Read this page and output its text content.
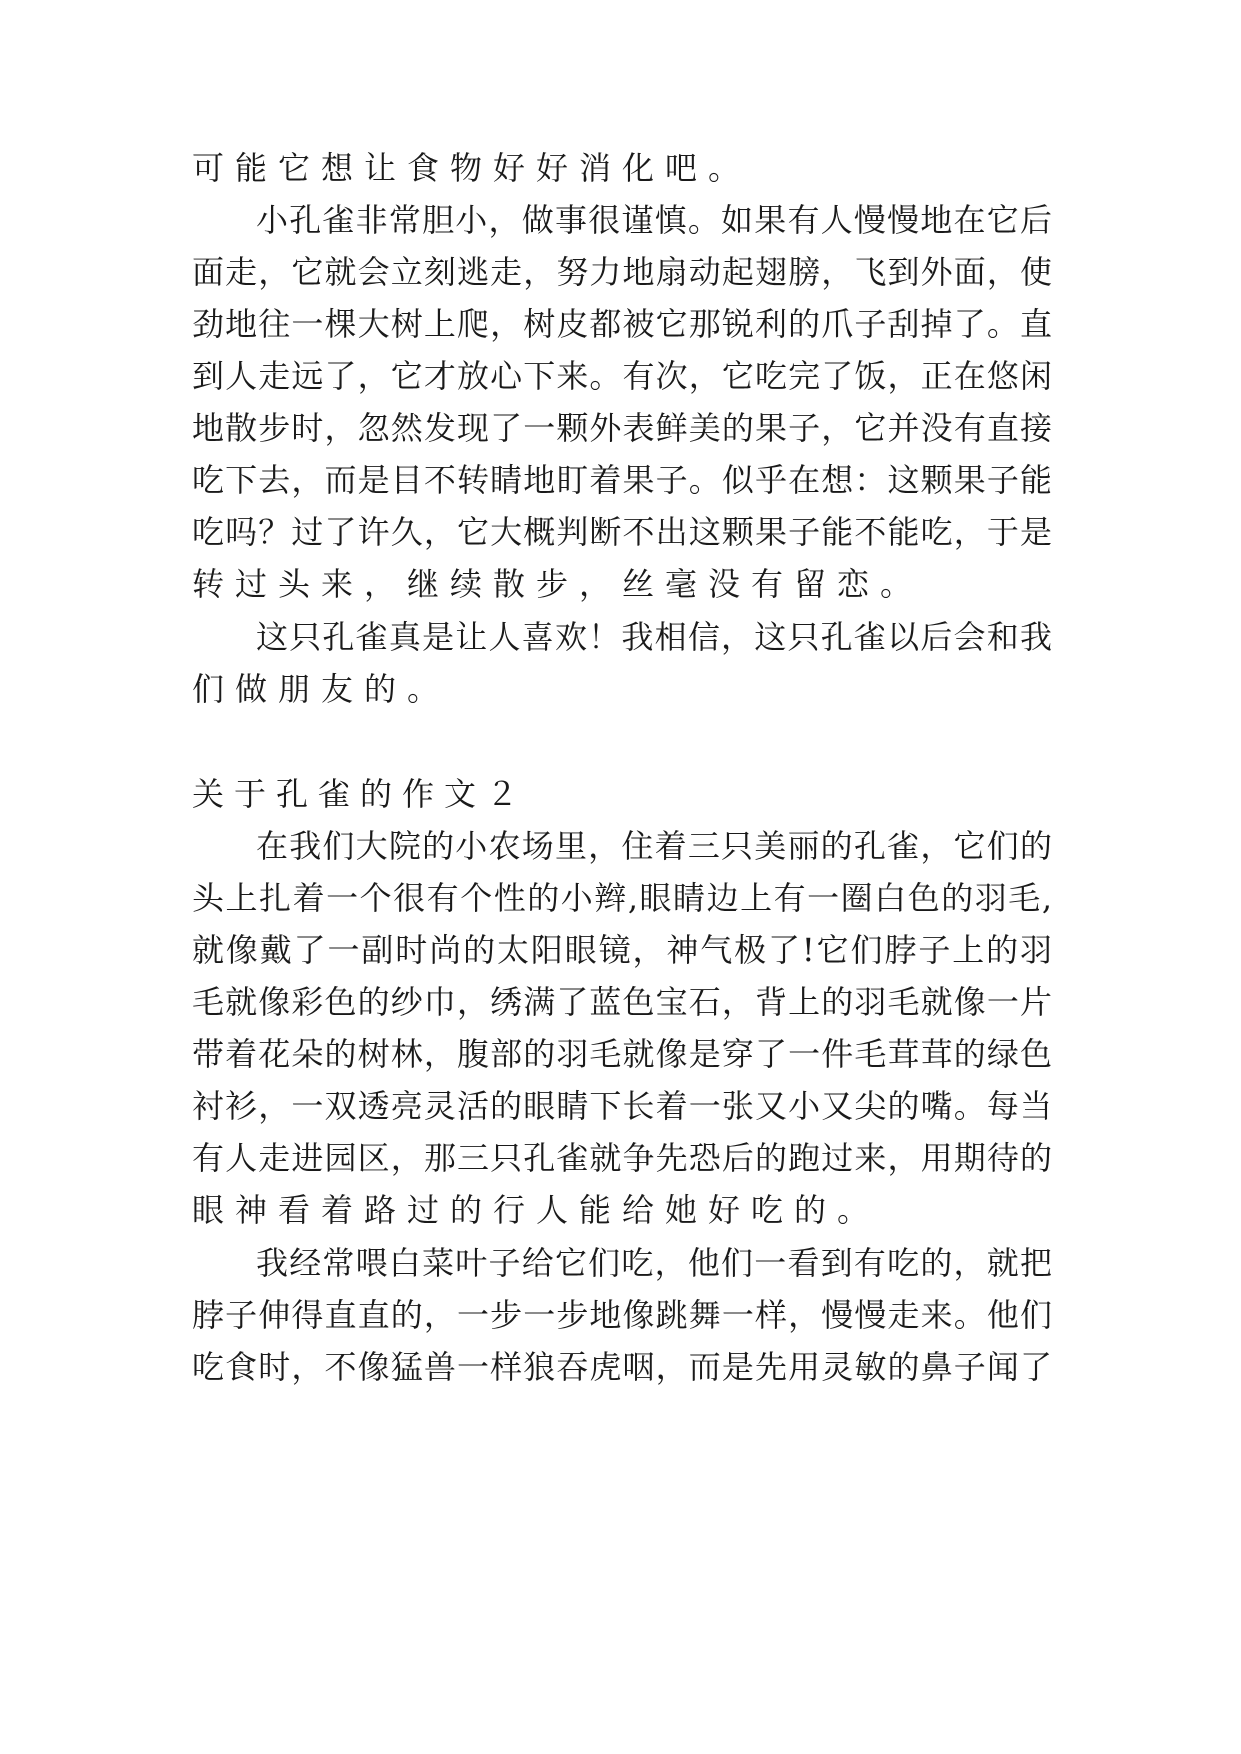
可能它想让食物好好消化吧。
小孔雀非常胆小，做事很谨慎。如果有人慢慢地在它后
面走，它就会立刻逃走，努力地扇动起翅膀，飞到外面，使
劲地往一棵大树上爬，树皮都被它那锐利的爪子刮掉了。直
到人走远了，它才放心下来。有次，它吃完了饭，正在悠闲
地散步时，忽然发现了一颗外表鲜美的果子，它并没有直接
吃下去，而是目不转睛地盯着果子。似乎在想：这颗果子能
吃吗？过了许久，它大概判断不出这颗果子能不能吃，于是
转过头来，继续散步，丝毫没有留恋。
这只孔雀真是让人喜欢！我相信，这只孔雀以后会和我
们做朋友的。
关于孔雀的作文２
在我们大院的小农场里，住着三只美丽的孔雀，它们的
头上扎着一个很有个性的小辫,眼睛边上有一圈白色的羽毛,
就像戴了一副时尚的太阳眼镜，神气极了!它们脖子上的羽
毛就像彩色的纱巾，绣满了蓝色宝石，背上的羽毛就像一片
带着花朵的树林，腹部的羽毛就像是穿了一件毛茸茸的绿色
衬衫，一双透亮灵活的眼睛下长着一张又小又尖的嘴。每当
有人走进园区，那三只孔雀就争先恐后的跑过来，用期待的
眼神看着路过的行人能给她好吃的。
我经常喂白菜叶子给它们吃，他们一看到有吃的，就把
脖子伸得直直的，一步一步地像跳舞一样，慢慢走来。他们
吃食时，不像猛兽一样狼吞虎咽，而是先用灵敏的鼻子闻了
